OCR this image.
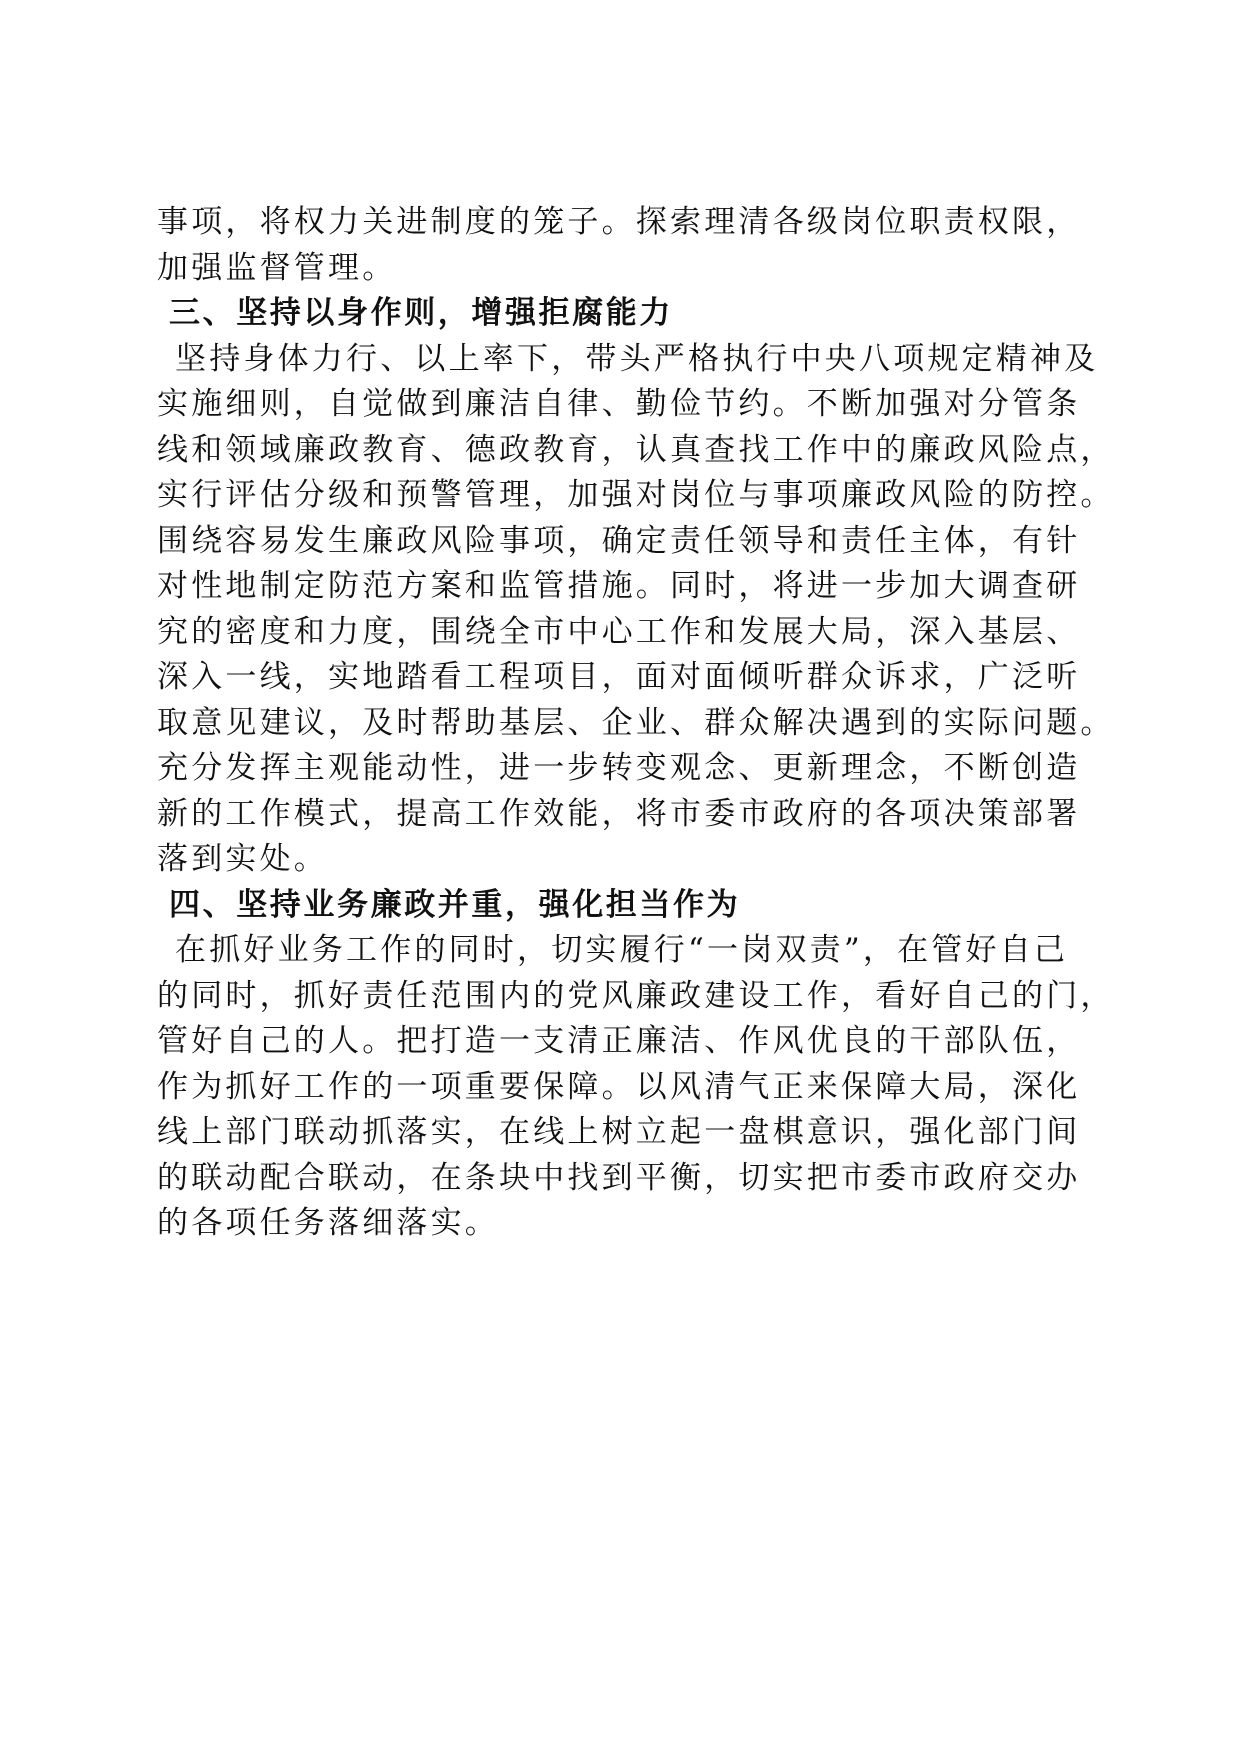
事项，将权力关进制度的笼子。探索理清各级岗位职责权限，
加强监督管理。
三、坚持以身作则，增强拒腐能力
坚持身体力行、以上率下，带头严格执行中央八项规定精神及
实施细则，自觉做到廉洁自律、勤俭节约。不断加强对分管条
线和领域廉政教育、德政教育，认真查找工作中的廉政风险点，
实行评估分级和预警管理，加强对岗位与事项廉政风险的防控。
围绕容易发生廉政风险事项，确定责任领导和责任主体，有针
对性地制定防范方案和监管措施。同时，将进一步加大调查研
究的密度和力度，围绕全市中心工作和发展大局，深入基层、
深入一线，实地踏看工程项目，面对面倾听群众诉求，广泛听
取意见建议，及时帮助基层、企业、群众解决遇到的实际问题。
充分发挥主观能动性，进一步转变观念、更新理念，不断创造
新的工作模式，提高工作效能，将市委市政府的各项决策部署
落到实处。
四、坚持业务廉政并重，强化担当作为
在抓好业务工作的同时，切实履行“一岗双责”，在管好自己
的同时，抓好责任范围内的党风廉政建设工作，看好自己的门，
管好自己的人。把打造一支清正廉洁、作风优良的干部队伍，
作为抓好工作的一项重要保障。以风清气正来保障大局，深化
线上部门联动抓落实，在线上树立起一盘棋意识，强化部门间
的联动配合联动，在条块中找到平衡，切实把市委市政府交办
的各项任务落细落实。
